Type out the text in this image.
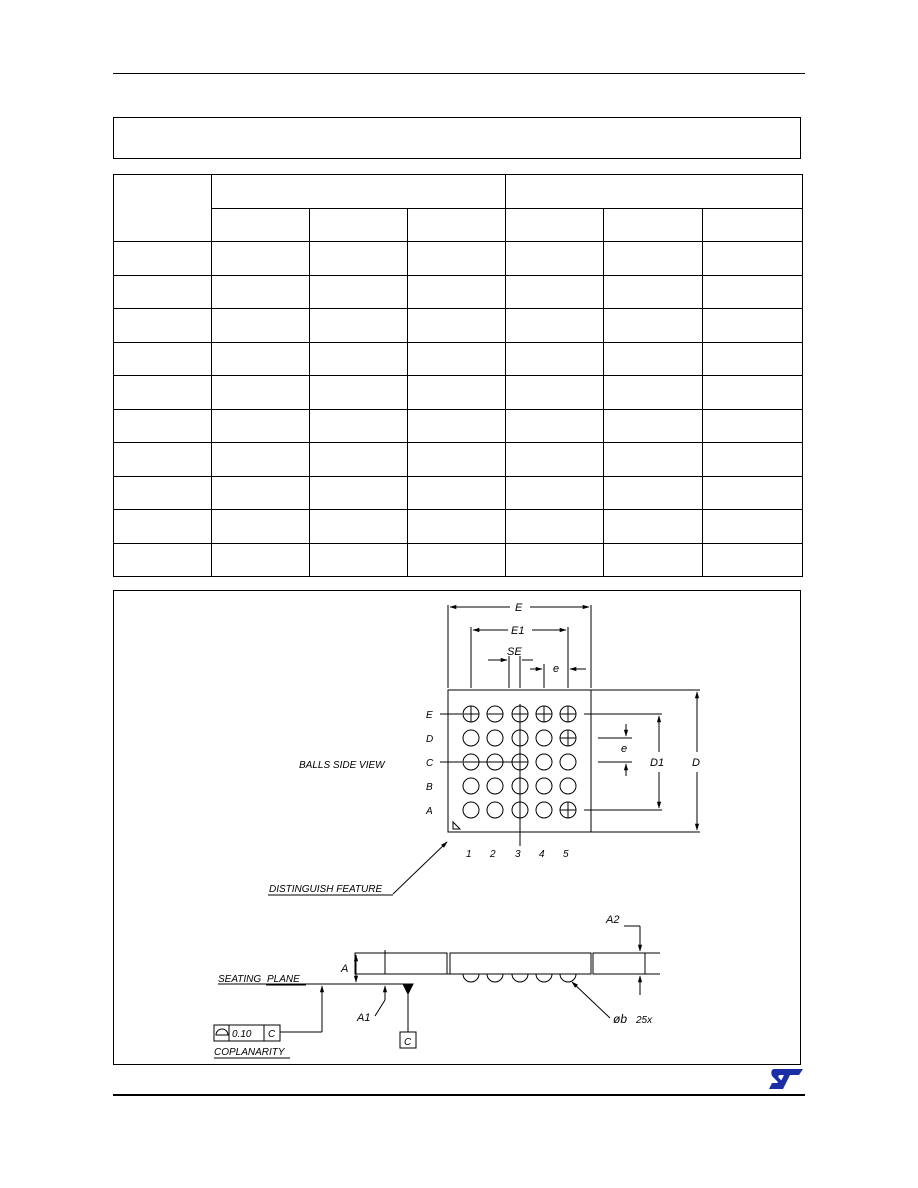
E
E1
SE
e
e
D1	D
BALLS SIDE VIEW
E
D
C
B
A
1 2 3 4 5
DISTINGUISH FEATURE
A2
A
A1
SEATING PLANE
C
0.10 C
COPLANARITY
øb 25x
